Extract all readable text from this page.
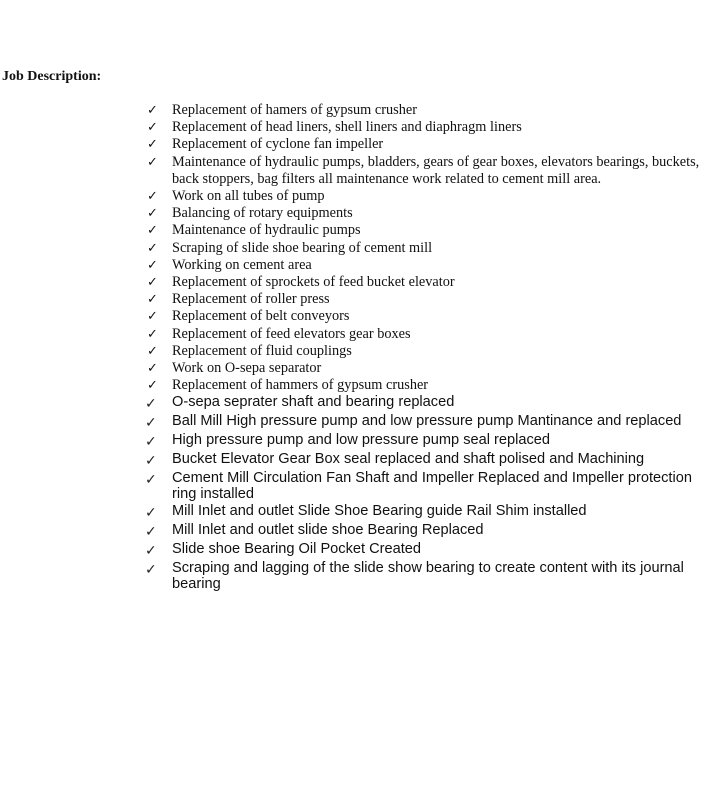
Job Description:
✓ Replacement of hamers of gypsum crusher
✓ Replacement of head liners, shell liners and diaphragm liners
✓ Replacement of cyclone fan impeller
✓ Maintenance of hydraulic pumps, bladders, gears of gear boxes, elevators bearings, buckets, back stoppers, bag filters all maintenance work related to cement mill area.
✓ Work on all tubes of pump
✓ Balancing of rotary equipments
✓ Maintenance of hydraulic pumps
✓ Scraping of slide shoe bearing of cement mill
✓ Working on cement area
✓ Replacement of sprockets of feed bucket elevator
✓ Replacement of roller press
✓ Replacement of belt conveyors
✓ Replacement of feed elevators gear boxes
✓ Replacement of fluid couplings
✓ Work on O-sepa separator
✓ Replacement of hammers of gypsum crusher
✓	O-sepa seprater shaft and bearing replaced
✓	Ball Mill High pressure pump and low pressure pump Mantinance and replaced
✓	High pressure pump and low pressure pump seal replaced
✓	Bucket Elevator Gear Box seal replaced and shaft polised and Machining
✓	Cement Mill Circulation Fan Shaft and Impeller Replaced and Impeller protection ring installed
✓	Mill Inlet and outlet Slide Shoe Bearing guide Rail Shim installed
✓	Mill Inlet and outlet slide shoe Bearing Replaced
✓	Slide shoe Bearing Oil Pocket Created
✓	Scraping and lagging of the slide show bearing to create content with its journal bearing
